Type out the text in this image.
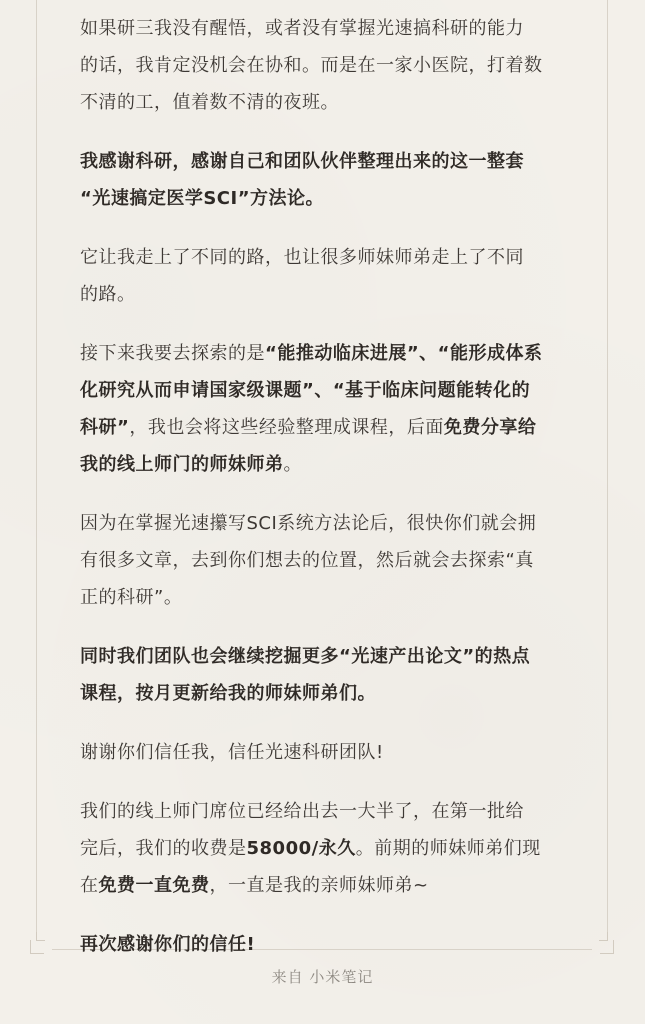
如果研三我没有醒悟，或者没有掌握光速搞科研的能力
的话，我肯定没机会在协和。而是在一家小医院，打着数
不清的工，值着数不清的夜班。

我感谢科研，感谢自己和团队伙伴整理出来的这一整套
“光速搞定医学SCI”方法论。

它让我走上了不同的路，也让很多师妹师弟走上了不同
的路。

接下来我要去探索的是“能推动临床进展”、“能形成体系
化研究从而申请国家级课题”、“基于临床问题能转化的
科研”，我也会将这些经验整理成课程，后面免费分享给
我的线上师门的师妹师弟。

因为在掌握光速攥写SCI系统方法论后，很快你们就会拥
有很多文章，去到你们想去的位置，然后就会去探索“真
正的科研”。

同时我们团队也会继续挖掘更多“光速产出论文”的热点
课程，按月更新给我的师妹师弟们。

谢谢你们信任我，信任光速科研团队!

我们的线上师门席位已经给出去一大半了，在第一批给
完后，我们的收费是58000/永久。前期的师妹师弟们现
在免费一直免费，一直是我的亲师妹师弟~

再次感谢你们的信任!

来自 小米笔记
